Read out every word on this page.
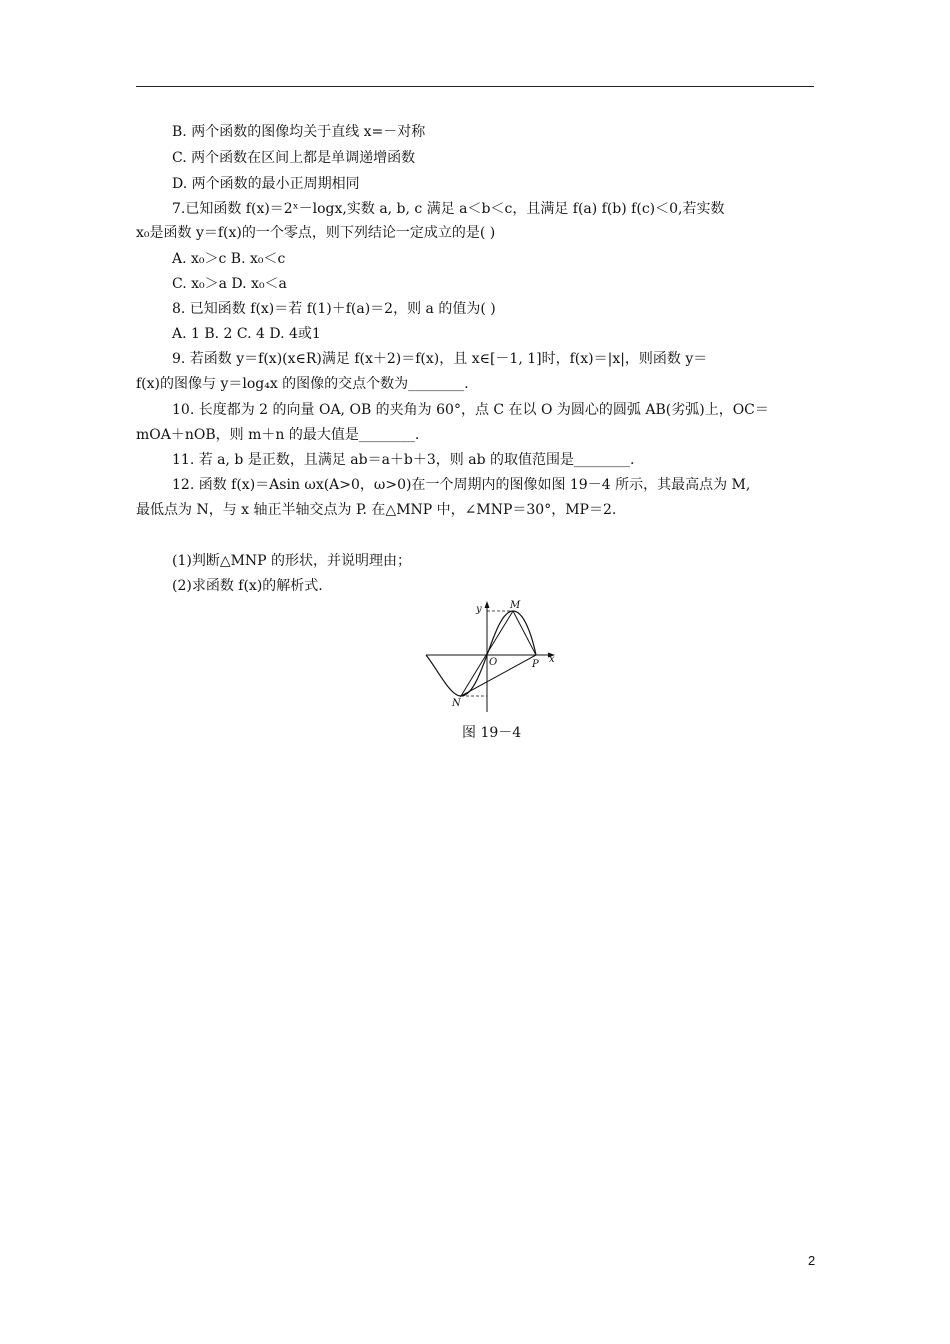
B. 两个函数的图像均关于直线 x=－对称
C. 两个函数在区间上都是单调递增函数
D. 两个函数的最小正周期相同
7.已知函数 f(x)＝2ˣ－logx,实数 a, b, c 满足 a＜b＜c，且满足 f(a) f(b) f(c)＜0,若实数
x₀是函数 y＝f(x)的一个零点，则下列结论一定成立的是( )
A. x₀＞c B. x₀＜c
C. x₀＞a D. x₀＜a
8. 已知函数 f(x)＝若 f(1)＋f(a)＝2，则 a 的值为( )
A. 1 B. 2 C. 4 D. 4或1
9. 若函数 y＝f(x)(x∈R)满足 f(x＋2)＝f(x)，且 x∈[－1, 1]时，f(x)＝|x|，则函数 y＝
f(x)的图像与 y＝log₄x 的图像的交点个数为________.
10. 长度都为 2 的向量 OA, OB 的夹角为 60°，点 C 在以 O 为圆心的圆弧 AB(劣弧)上，OC＝
mOA＋nOB，则 m＋n 的最大值是________.
11. 若 a, b 是正数，且满足 ab＝a＋b＋3，则 ab 的取值范围是________.
12. 函数 f(x)＝Asin ωx(A>0，ω>0)在一个周期内的图像如图 19－4 所示，其最高点为 M,
最低点为 N，与 x 轴正半轴交点为 P. 在△MNP 中，∠MNP＝30°，MP＝2.
(1)判断△MNP 的形状，并说明理由；
(2)求函数 f(x)的解析式.
y	M
O	P x
N
图 19－4
2
